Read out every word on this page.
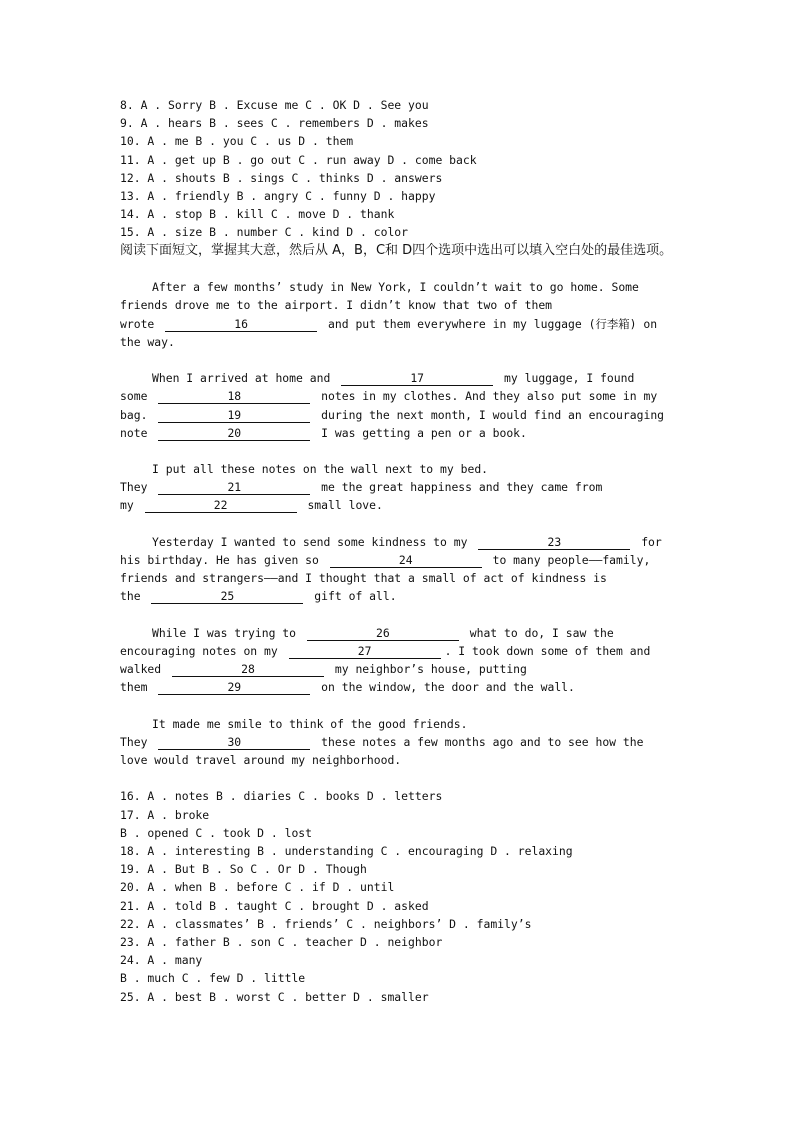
8. A . Sorry B . Excuse me C . OK D . See you
9. A . hears B . sees C . remembers D . makes
10. A . me B . you C . us D . them
11. A . get up B . go out C . run away D . come back
12. A . shouts B . sings C . thinks D . answers
13. A . friendly B . angry C . funny D . happy
14. A . stop B . kill C . move D . thank
15. A . size B . number C . kind D . color
阅读下面短文，掌握其大意，然后从 A，B，C和 D四个选项中选出可以填入空白处的最佳选项。
After a few months’ study in New York, I couldn’t wait to go home. Some
friends drove me to the airport. I didn’t know that two of them
wrote	16	and put them everywhere in my luggage (行李箱) on
the way.
When I arrived at home and	17	my luggage, I found
some	18	notes in my clothes. And they also put some in my
bag.	19	during the next month, I would find an encouraging
note	20	I was getting a pen or a book.
I put all these notes on the wall next to my bed.
They	21	me the great happiness and they came from
my	22	small love.
Yesterday I wanted to send some kindness to my	23	for
his birthday. He has given so	24	to many people——family,
friends and strangers——and I thought that a small of act of kindness is
the	25	gift of all.
While I was trying to	26	what to do, I saw the
encouraging notes on my	27	. I took down some of them and
walked	28	my neighbor’s house, putting
them	29	on the window, the door and the wall.
It made me smile to think of the good friends.
They	30	these notes a few months ago and to see how the
love would travel around my neighborhood.
16. A . notes B . diaries C . books D . letters
17. A . broke
B . opened C . took D . lost
18. A . interesting B . understanding C . encouraging D . relaxing
19. A . But B . So C . Or D . Though
20. A . when B . before C . if D . until
21. A . told B . taught C . brought D . asked
22. A . classmates’ B . friends’ C . neighbors’ D . family’s
23. A . father B . son C . teacher D . neighbor
24. A . many
B . much C . few D . little
25. A . best B . worst C . better D . smaller
